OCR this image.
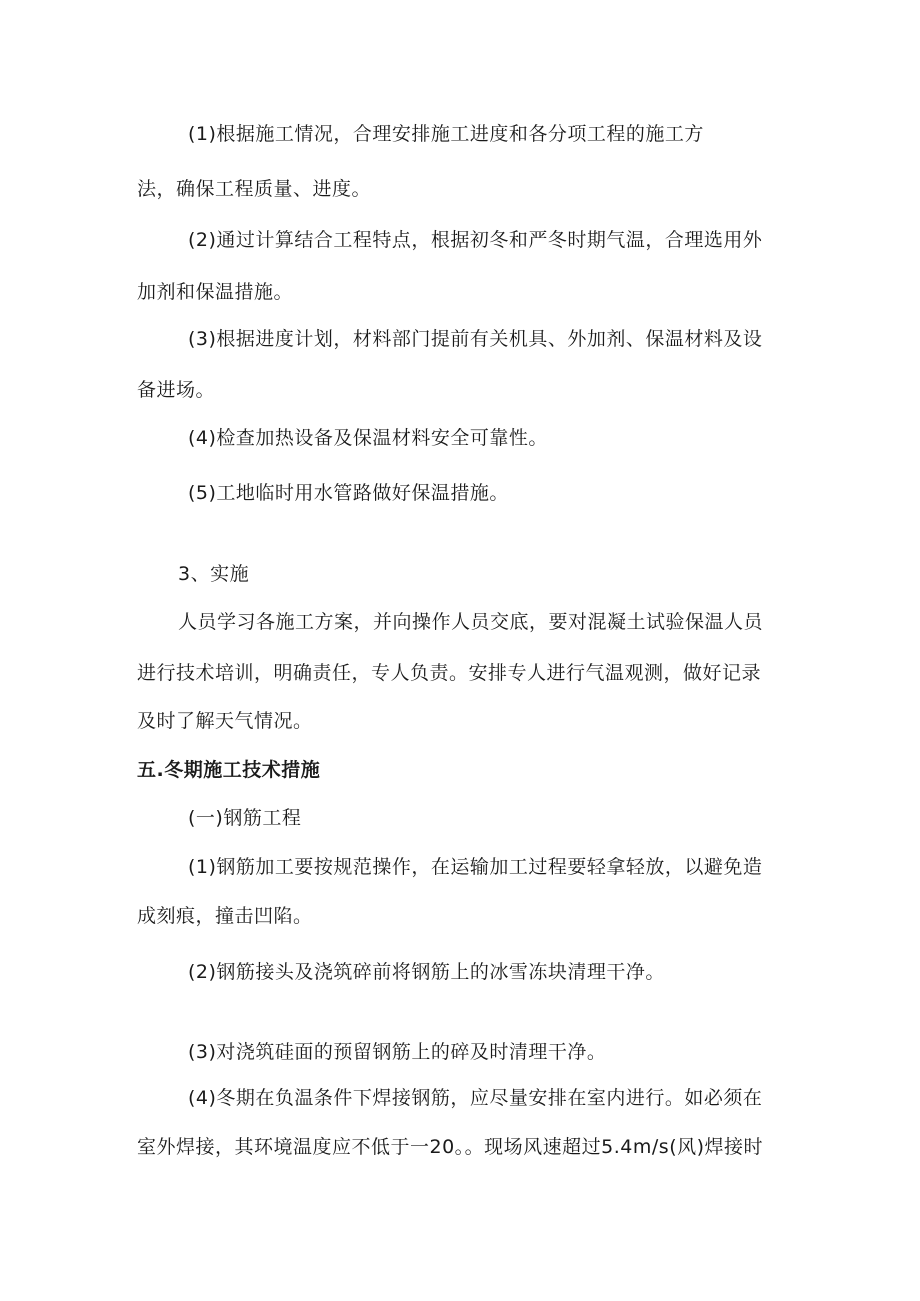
(1)根据施工情况，合理安排施工进度和各分项工程的施工方
法，确保工程质量、进度。
(2)通过计算结合工程特点，根据初冬和严冬时期气温，合理选用外
加剂和保温措施。
(3)根据进度计划，材料部门提前有关机具、外加剂、保温材料及设
备进场。
(4)检查加热设备及保温材料安全可靠性。
(5)工地临时用水管路做好保温措施。
3、实施
人员学习各施工方案，并向操作人员交底，要对混凝土试验保温人员
进行技术培训，明确责任，专人负责。安排专人进行气温观测，做好记录
及时了解天气情况。
五.冬期施工技术措施
(一)钢筋工程
(1)钢筋加工要按规范操作，在运输加工过程要轻拿轻放，以避免造
成刻痕，撞击凹陷。
(2)钢筋接头及浇筑碎前将钢筋上的冰雪冻块清理干净。
(3)对浇筑硅面的预留钢筋上的碎及时清理干净。
(4)冬期在负温条件下焊接钢筋，应尽量安排在室内进行。如必须在
室外焊接，其环境温度应不低于一20。。现场风速超过5.4m∕s(风)焊接时
